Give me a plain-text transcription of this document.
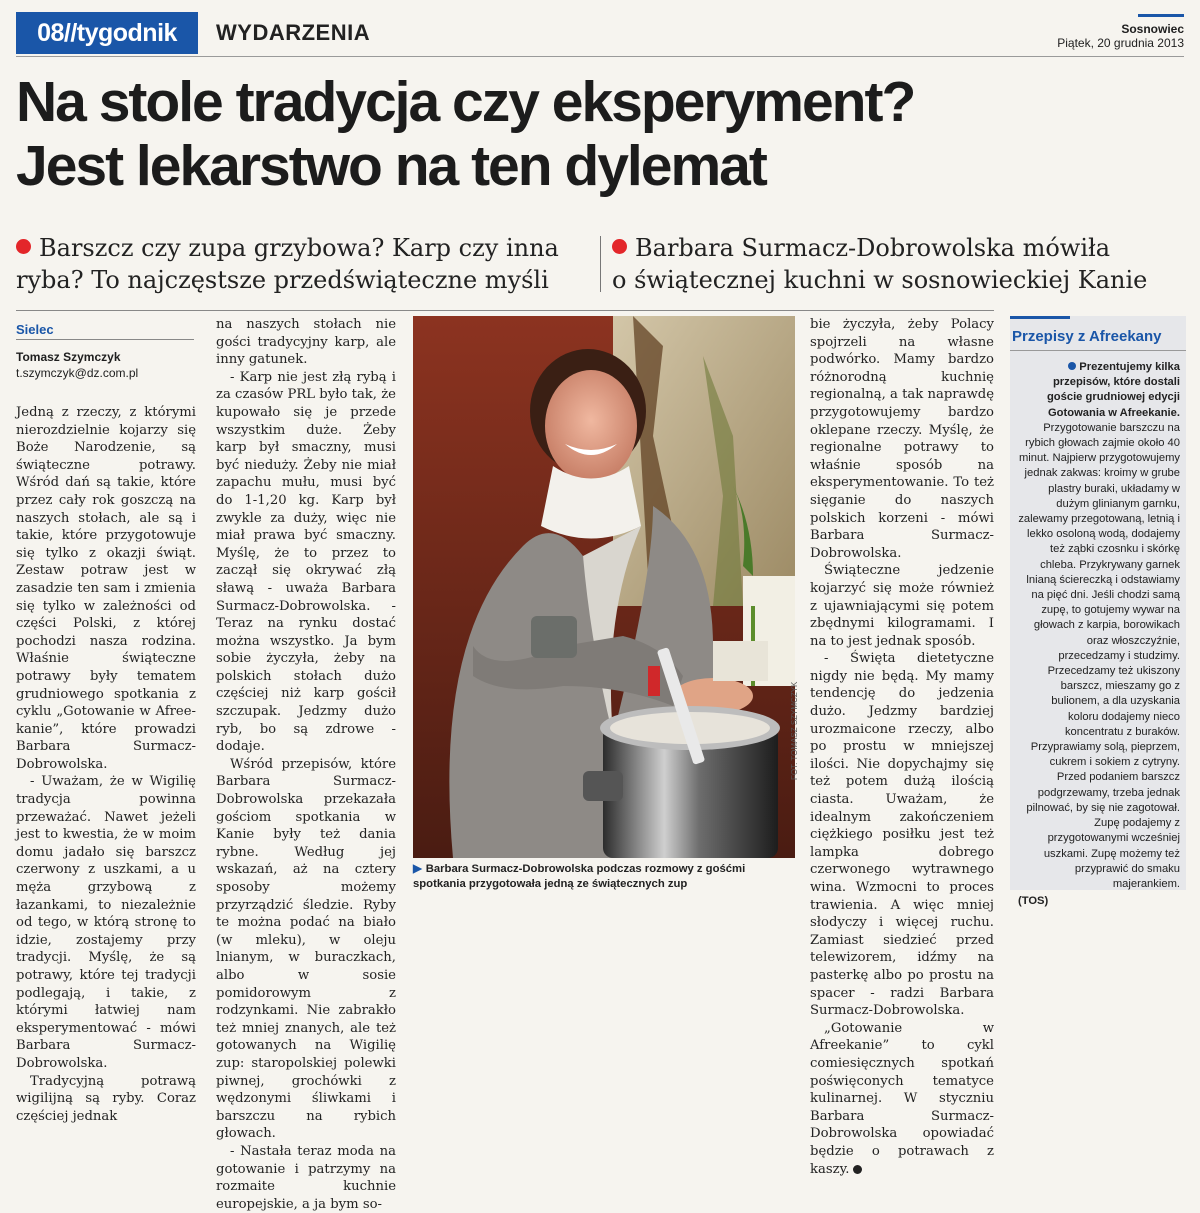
08//tygodnik	WYDARZENIA	Sosnowiec
Piątek, 20 grudnia 2013
Na stole tradycja czy eksperyment?
Jest lekarstwo na ten dylemat
Barszcz czy zupa grzybowa? Karp czy inna
ryba? To najczęstsze przedświąteczne myśli
Barbara Surmacz-Dobrowolska mówiła
o świątecznej kuchni w sosnowieckiej Kanie
Sielec
Tomasz Szymczyk
t.szymczyk@dz.com.pl

Jedną z rzeczy, z którymi nierozdzielnie kojarzy się Boże Narodzenie, są świąteczne potrawy. Wśród dań są takie, które przez cały rok goszczą na naszych stołach, ale są i takie, które przygotowuje się tylko z okazji świąt. Zestaw potraw jest w zasadzie ten sam i zmienia się tylko w zależności od części Polski, z której pochodzi nasza rodzina. Właśnie świąteczne potrawy były tematem grudniowego spotkania z cyklu „Gotowanie w Afree-kanie”, które prowadzi Barbara Surmacz-Dobrowolska.

- Uważam, że w Wigilię tradycja powinna przeważać. Nawet jeżeli jest to kwestia, że w moim domu jadało się barszcz czerwony z uszkami, a u męża grzybową z łazankami, to niezależnie od tego, w którą stronę to idzie, zostajemy przy tradycji. Myślę, że są potrawy, które tej tradycji podlegają, i takie, z którymi łatwiej nam eksperymentować - mówi Barbara Surmacz-Dobrowolska.

Tradycyjną potrawą wigilijną są ryby. Coraz częściej jednak

na naszych stołach nie gości tradycyjny karp, ale inny gatunek.

- Karp nie jest złą rybą i za czasów PRL było tak, że kupowało się je przede wszystkim duże. Żeby karp był smaczny, musi być nieduży. Żeby nie miał zapachu mułu, musi być do 1-1,20 kg. Karp był zwykle za duży, więc nie miał prawa być smaczny. Myślę, że to przez to zaczął się okrywać złą sławą - uważa Barbara Surmacz-Dobrowolska. - Teraz na rynku dostać można wszystko. Ja bym sobie życzyła, żeby na polskich stołach dużo częściej niż karp gościł szczupak. Jedzmy dużo ryb, bo są zdrowe - dodaje.

Wśród przepisów, które Barbara Surmacz-Dobrowolska przekazała gościom spotkania w Kanie były też dania rybne. Według jej wskazań, aż na cztery sposoby możemy przyrządzić śledzie. Ryby te można podać na biało (w mleku), w oleju lnianym, w buraczkach, albo w sosie pomidorowym z rodzynkami. Nie zabrakło też mniej znanych, ale też gotowanych na Wigilię zup: staropolskiej polewki piwnej, grochówki z wędzonymi śliwkami i barszczu na rybich głowach.

- Nastała teraz moda na gotowanie i patrzymy na rozmaite kuchnie europejskie, a ja bym so-

FOT. TOMASZ SZYMCZYK
▶ Barbara Surmacz-Dobrowolska podczas rozmowy z gośćmi spotkania przygotowała jedną ze świątecznych zup

bie życzyła, żeby Polacy spojrzeli na własne podwórko. Mamy bardzo różnorodną kuchnię regionalną, a tak naprawdę przygotowujemy bardzo oklepane rzeczy. Myślę, że regionalne potrawy to właśnie sposób na eksperymentowanie. To też sięganie do naszych polskich korzeni - mówi Barbara Surmacz-Dobrowolska.

Świąteczne jedzenie kojarzyć się może również z ujawniającymi się potem zbędnymi kilogramami. I na to jest jednak sposób.

- Święta dietetyczne nigdy nie będą. My mamy tendencję do jedzenia dużo. Jedzmy bardziej urozmaicone rzeczy, albo po prostu w mniejszej ilości. Nie dopychajmy się też potem dużą ilością ciasta. Uważam, że idealnym zakończeniem ciężkiego posiłku jest też lampka dobrego czerwonego wytrawnego wina. Wzmocni to proces trawienia. A więc mniej słodyczy i więcej ruchu. Zamiast siedzieć przed telewizorem, idźmy na pasterkę albo po prostu na spacer - radzi Barbara Surmacz-Dobrowolska.

„Gotowanie w Afreekanie” to cykl comiesięcznych spotkań poświęconych tematyce kulinarnej. W styczniu Barbara Surmacz-Dobrowolska opowiadać będzie o potrawach z kaszy.

Przepisy z Afreekany

Prezentujemy kilka przepisów, które dostali goście grudniowej edycji Gotowania w Afreekanie. Przygotowanie barszczu na rybich głowach zajmie około 40 minut. Najpierw przygotowujemy jednak zakwas: kroimy w grube plastry buraki, układamy w dużym glinianym garnku, zalewamy przegotowaną, letnią i lekko osoloną wodą, dodajemy też ząbki czosnku i skórkę chleba. Przykrywany garnek lnianą ściereczką i odstawiamy na pięć dni. Jeśli chodzi samą zupę, to gotujemy wywar na głowach z karpia, borowikach oraz włoszczyźnie, przecedzamy i studzimy. Przecedzamy też ukiszony barszcz, mieszamy go z bulionem, a dla uzyskania koloru dodajemy nieco koncentratu z buraków. Przyprawiamy solą, pieprzem, cukrem i sokiem z cytryny. Przed podaniem barszcz podgrzewamy, trzeba jednak pilnować, by się nie zagotował. Zupę podajemy z przygotowanymi wcześniej uszkami. Zupę możemy też przyprawić do smaku majerankiem.

(TOS)
